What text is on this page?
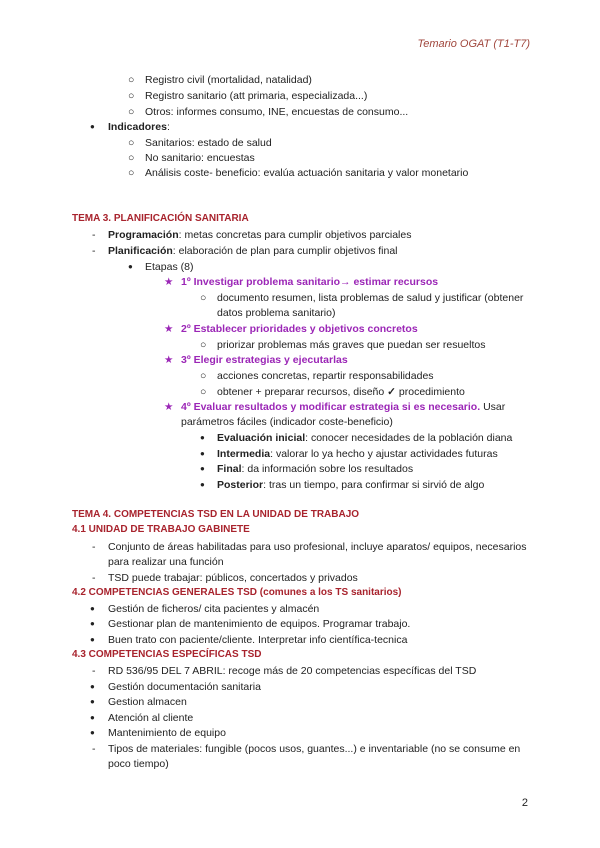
Temario OGAT (T1-T7)
○ Registro civil (mortalidad, natalidad)
○ Registro sanitario (att primaria, especializada...)
○ Otros: informes consumo, INE, encuestas de consumo...
● Indicadores:
○ Sanitarios: estado de salud
○ No sanitario: encuestas
○ Análisis coste- beneficio: evalúa actuación sanitaria y valor monetario
TEMA 3. PLANIFICACIÓN SANITARIA
- Programación: metas concretas para cumplir objetivos parciales
- Planificación: elaboración de plan para cumplir objetivos final
● Etapas (8)
★ 1º Investigar problema sanitario→ estimar recursos
○ documento resumen, lista problemas de salud y justificar (obtener
datos problema sanitario)
★ 2º Establecer prioridades y objetivos concretos
○ priorizar problemas más graves que puedan ser resueltos
★ 3º Elegir estrategias y ejecutarlas
○ acciones concretas, repartir responsabilidades
○ obtener + preparar recursos, diseño ✓ procedimiento
★ 4º Evaluar resultados y modificar estrategia si es necesario. Usar
parámetros fáciles (indicador coste-beneficio)
● Evaluación inicial: conocer necesidades de la población diana
● Intermedia: valorar lo ya hecho y ajustar actividades futuras
● Final: da información sobre los resultados
● Posterior: tras un tiempo, para confirmar si sirvió de algo
TEMA 4. COMPETENCIAS TSD EN LA UNIDAD DE TRABAJO
4.1 UNIDAD DE TRABAJO GABINETE
- Conjunto de áreas habilitadas para uso profesional, incluye aparatos/ equipos, necesarios
para realizar una función
- TSD puede trabajar: públicos, concertados y privados
4.2 COMPETENCIAS GENERALES TSD (comunes a los TS sanitarios)
● Gestión de ficheros/ cita pacientes y almacén
● Gestionar plan de mantenimiento de equipos. Programar trabajo.
● Buen trato con paciente/cliente. Interpretar info científica-tecnica
4.3 COMPETENCIAS ESPECÍFICAS TSD
- RD 536/95 DEL 7 ABRIL: recoge más de 20 competencias específicas del TSD
● Gestión documentación sanitaria
● Gestion almacen
● Atención al cliente
● Mantenimiento de equipo
- Tipos de materiales: fungible (pocos usos, guantes...) e inventariable (no se consume en
poco tiempo)
2
